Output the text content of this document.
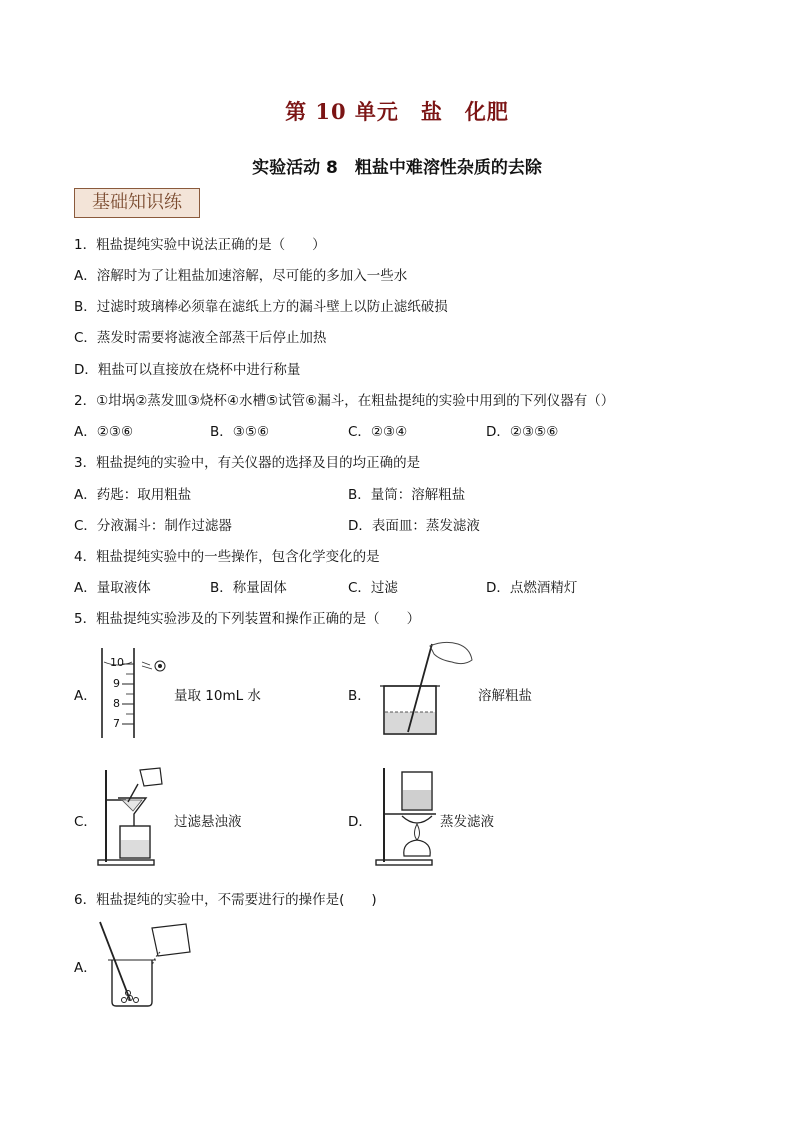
第 10 单元　盐　化肥
实验活动 8　粗盐中难溶性杂质的去除
基础知识练
1．粗盐提纯实验中说法正确的是（　　）
A．溶解时为了让粗盐加速溶解，尽可能的多加入一些水
B．过滤时玻璃棒必须靠在滤纸上方的漏斗壁上以防止滤纸破损
C．蒸发时需要将滤液全部蒸干后停止加热
D．粗盐可以直接放在烧杯中进行称量
2．①坩埚②蒸发皿③烧杯④水槽⑤试管⑥漏斗，在粗盐提纯的实验中用到的下列仪器有（）
A．②③⑥	B．③⑤⑥	C．②③④	D．②③⑤⑥
3．粗盐提纯的实验中，有关仪器的选择及目的均正确的是
A．药匙：取用粗盐	B．量筒：溶解粗盐
C．分液漏斗：制作过滤器	D．表面皿：蒸发滤液
4．粗盐提纯实验中的一些操作，包含化学变化的是
A．量取液体	B．称量固体	C．过滤	D．点燃酒精灯
5．粗盐提纯实验涉及的下列装置和操作正确的是（　　）
A．
10
9
8
7
量取 10mL 水	B．	溶解粗盐
C．	过滤悬浊液	D．	蒸发滤液
6．粗盐提纯的实验中，不需要进行的操作是(　　)
A．
